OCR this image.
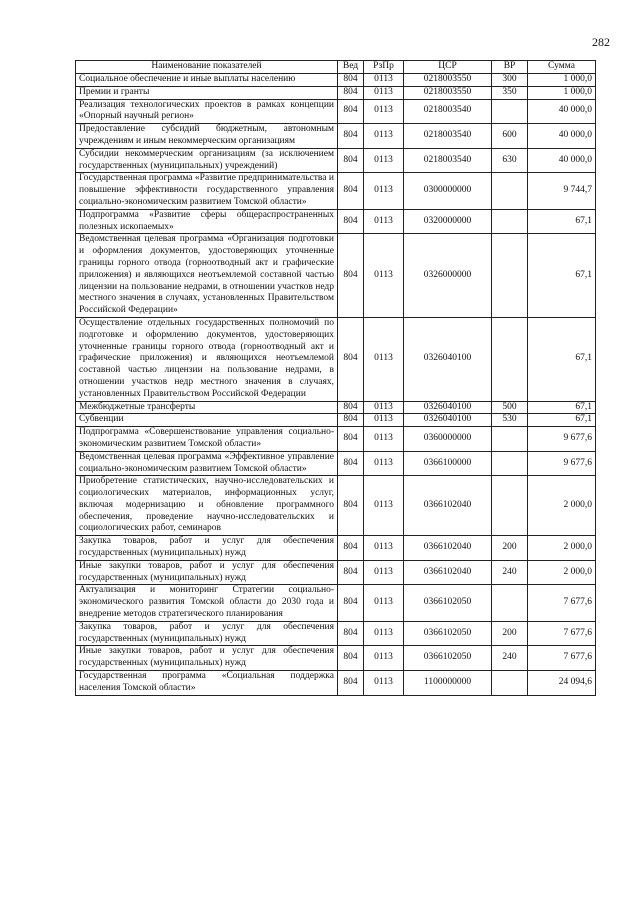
282
Наименование показателей	Вед	РзПр	ЦСР	ВР	Сумма
Социальное обеспечение и иные выплаты населению	804	0113	0218003550	300	1 000,0
Премии и гранты	804	0113	0218003550	350	1 000,0
Реализация технологических проектов в рамках концепции «Опорный научный регион»	804	0113	0218003540		40 000,0
Предоставление субсидий бюджетным, автономным учреждениям и иным некоммерческим организациям	804	0113	0218003540	600	40 000,0
Субсидии некоммерческим организациям (за исключением государственных (муниципальных) учреждений)	804	0113	0218003540	630	40 000,0
Государственная программа «Развитие предпринимательства и повышение эффективности государственного управления социально-экономическим развитием Томской области»	804	0113	0300000000		9 744,7
Подпрограмма «Развитие сферы общераспространенных полезных ископаемых»	804	0113	0320000000		67,1
Ведомственная целевая программа «Организация подготовки и оформления документов, удостоверяющих уточненные границы горного отвода (горноотводный акт и графические приложения) и являющихся неотъемлемой составной частью лицензии на пользование недрами, в отношении участков недр местного значения в случаях, установленных Правительством Российской Федерации»	804	0113	0326000000		67,1
Осуществление отдельных государственных полномочий по подготовке и оформлению документов, удостоверяющих уточненные границы горного отвода (горноотводный акт и графические приложения) и являющихся неотъемлемой составной частью лицензии на пользование недрами, в отношении участков недр местного значения в случаях, установленных Правительством Российской Федерации	804	0113	0326040100		67,1
Межбюджетные трансферты	804	0113	0326040100	500	67,1
Субвенции	804	0113	0326040100	530	67,1
Подпрограмма «Совершенствование управления социально-экономическим развитием Томской области»	804	0113	0360000000		9 677,6
Ведомственная целевая программа «Эффективное управление социально-экономическим развитием Томской области»	804	0113	0366100000		9 677,6
Приобретение статистических, научно-исследовательских и социологических материалов, информационных услуг, включая модернизацию и обновление программного обеспечения, проведение научно-исследовательских и социологических работ, семинаров	804	0113	0366102040		2 000,0
Закупка товаров, работ и услуг для обеспечения государственных (муниципальных) нужд	804	0113	0366102040	200	2 000,0
Иные закупки товаров, работ и услуг для обеспечения государственных (муниципальных) нужд	804	0113	0366102040	240	2 000,0
Актуализация и мониторинг Стратегии социально-экономического развития Томской области до 2030 года и внедрение методов стратегического планирования	804	0113	0366102050		7 677,6
Закупка товаров, работ и услуг для обеспечения государственных (муниципальных) нужд	804	0113	0366102050	200	7 677,6
Иные закупки товаров, работ и услуг для обеспечения государственных (муниципальных) нужд	804	0113	0366102050	240	7 677,6
Государственная программа «Социальная поддержка населения Томской области»	804	0113	1100000000		24 094,6
